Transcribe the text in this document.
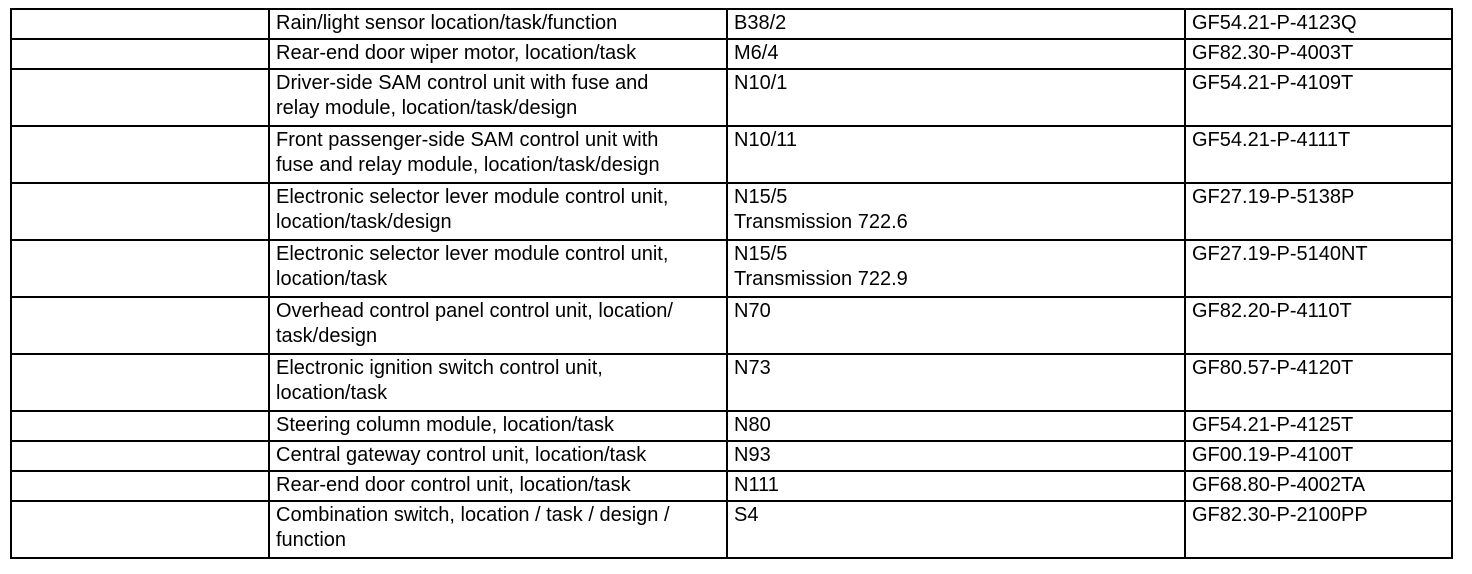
	Rain/light sensor location/task/function	B38/2	GF54.21-P-4123Q

	Rear-end door wiper motor, location/task	M6/4	GF82.30-P-4003T

	Driver-side SAM control unit with fuse and
relay module, location/task/design	N10/1	GF54.21-P-4109T

	Front passenger-side SAM control unit with
fuse and relay module, location/task/design	N10/11	GF54.21-P-4111T

	Electronic selector lever module control unit,
location/task/design	N15/5
Transmission 722.6	GF27.19-P-5138P

	Electronic selector lever module control unit,
location/task	N15/5
Transmission 722.9	GF27.19-P-5140NT

	Overhead control panel control unit, location/
task/design	N70	GF82.20-P-4110T

	Electronic ignition switch control unit,
location/task	N73	GF80.57-P-4120T

	Steering column module, location/task	N80	GF54.21-P-4125T

	Central gateway control unit, location/task	N93	GF00.19-P-4100T

	Rear-end door control unit, location/task	N111	GF68.80-P-4002TA

	Combination switch, location / task / design /
function	S4	GF82.30-P-2100PP
